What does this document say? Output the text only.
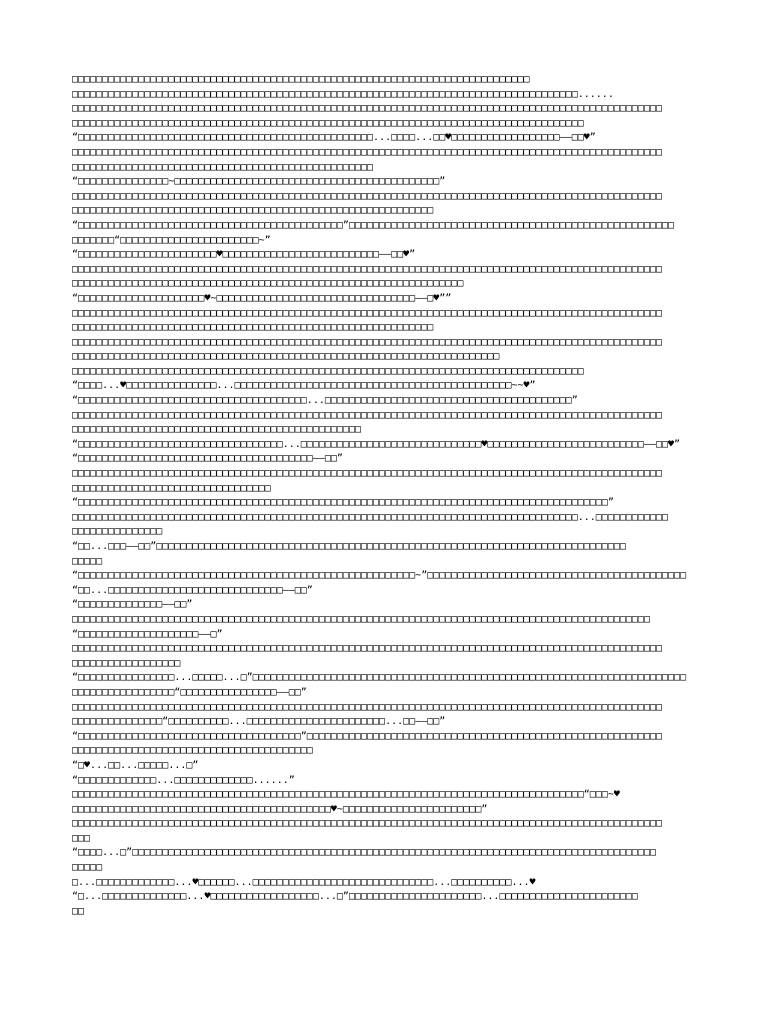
□□□□□□□□□□□□□□□□□□□□□□□□□□□□□□□□□□□□□□□□□□□□□□□□□□□□□□□□□□□□□□□□□□□□□□□□□□□□
□□□□□□□□□□□□□□□□□□□□□□□□□□□□□□□□□□□□□□□□□□□□□□□□□□□□□□□□□□□□□□□□□□□□□□□□□□□□□□□□□□□□......
□□□□□□□□□□□□□□□□□□□□□□□□□□□□□□□□□□□□□□□□□□□□□□□□□□□□□□□□□□□□□□□□□□□□□□□□□□□□□□□□□□□□□□□□□□□□□□□□□□
□□□□□□□□□□□□□□□□□□□□□□□□□□□□□□□□□□□□□□□□□□□□□□□□□□□□□□□□□□□□□□□□□□□□□□□□□□□□□□□□□□□□□
“□□□□□□□□□□□□□□□□□□□□□□□□□□□□□□□□□□□□□□□□□□□□□□□□□...□□□□...□□♥□□□□□□□□□□□□□□□□□□——□□♥”
□□□□□□□□□□□□□□□□□□□□□□□□□□□□□□□□□□□□□□□□□□□□□□□□□□□□□□□□□□□□□□□□□□□□□□□□□□□□□□□□□□□□□□□□□□□□□□□□□□
□□□□□□□□□□□□□□□□□□□□□□□□□□□□□□□□□□□□□□□□□□□□□□□□□□
“□□□□□□□□□□□□□□□~□□□□□□□□□□□□□□□□□□□□□□□□□□□□□□□□□□□□□□□□□□□□”
□□□□□□□□□□□□□□□□□□□□□□□□□□□□□□□□□□□□□□□□□□□□□□□□□□□□□□□□□□□□□□□□□□□□□□□□□□□□□□□□□□□□□□□□□□□□□□□□□□
□□□□□□□□□□□□□□□□□□□□□□□□□□□□□□□□□□□□□□□□□□□□□□□□□□□□□□□□□□□□
“□□□□□□□□□□□□□□□□□□□□□□□□□□□□□□□□□□□□□□□□□□□□”□□□□□□□□□□□□□□□□□□□□□□□□□□□□□□□□□□□□□□□□□□□□□□□□□□□□□□
□□□□□□□“□□□□□□□□□□□□□□□□□□□□□□□~”
“□□□□□□□□□□□□□□□□□□□□□□□♥□□□□□□□□□□□□□□□□□□□□□□□□□□——□□♥”
□□□□□□□□□□□□□□□□□□□□□□□□□□□□□□□□□□□□□□□□□□□□□□□□□□□□□□□□□□□□□□□□□□□□□□□□□□□□□□□□□□□□□□□□□□□□□□□□□□
□□□□□□□□□□□□□□□□□□□□□□□□□□□□□□□□□□□□□□□□□□□□□□□□□□□□□□□□□□□□□□□□□
“□□□□□□□□□□□□□□□□□□□□□♥~□□□□□□□□□□□□□□□□□□□□□□□□□□□□□□□□□——□♥””
□□□□□□□□□□□□□□□□□□□□□□□□□□□□□□□□□□□□□□□□□□□□□□□□□□□□□□□□□□□□□□□□□□□□□□□□□□□□□□□□□□□□□□□□□□□□□□□□□□
□□□□□□□□□□□□□□□□□□□□□□□□□□□□□□□□□□□□□□□□□□□□□□□□□□□□□□□□□□□□
□□□□□□□□□□□□□□□□□□□□□□□□□□□□□□□□□□□□□□□□□□□□□□□□□□□□□□□□□□□□□□□□□□□□□□□□□□□□□□□□□□□□□□□□□□□□□□□□□□
□□□□□□□□□□□□□□□□□□□□□□□□□□□□□□□□□□□□□□□□□□□□□□□□□□□□□□□□□□□□□□□□□□□□□□□
□□□□□□□□□□□□□□□□□□□□□□□□□□□□□□□□□□□□□□□□□□□□□□□□□□□□□□□□□□□□□□□□□□□□□□□□□□□□□□□□□□□□□
“□□□□...♥□□□□□□□□□□□□□□□...□□□□□□□□□□□□□□□□□□□□□□□□□□□□□□□□□□□□□□□□□□□□□□~~♥”
“□□□□□□□□□□□□□□□□□□□□□□□□□□□□□□□□□□□□□□...□□□□□□□□□□□□□□□□□□□□□□□□□□□□□□□□□□□□□□□□□”
□□□□□□□□□□□□□□□□□□□□□□□□□□□□□□□□□□□□□□□□□□□□□□□□□□□□□□□□□□□□□□□□□□□□□□□□□□□□□□□□□□□□□□□□□□□□□□□□□□
□□□□□□□□□□□□□□□□□□□□□□□□□□□□□□□□□□□□□□□□□□□□□□□□
“□□□□□□□□□□□□□□□□□□□□□□□□□□□□□□□□□□...□□□□□□□□□□□□□□□□□□□□□□□□□□□□□□♥□□□□□□□□□□□□□□□□□□□□□□□□□□——□□♥”
“□□□□□□□□□□□□□□□□□□□□□□□□□□□□□□□□□□□□□□□——□□”
□□□□□□□□□□□□□□□□□□□□□□□□□□□□□□□□□□□□□□□□□□□□□□□□□□□□□□□□□□□□□□□□□□□□□□□□□□□□□□□□□□□□□□□□□□□□□□□□□□
□□□□□□□□□□□□□□□□□□□□□□□□□□□□□□□□□
“□□□□□□□□□□□□□□□□□□□□□□□□□□□□□□□□□□□□□□□□□□□□□□□□□□□□□□□□□□□□□□□□□□□□□□□□□□□□□□□□□□□□□□□□”
□□□□□□□□□□□□□□□□□□□□□□□□□□□□□□□□□□□□□□□□□□□□□□□□□□□□□□□□□□□□□□□□□□□□□□□□□□□□□□□□□□□□...□□□□□□□□□□□□
□□□□□□□□□□□□□□□
“□□...□□□——□□”□□□□□□□□□□□□□□□□□□□□□□□□□□□□□□□□□□□□□□□□□□□□□□□□□□□□□□□□□□□□□□□□□□□□□□□□□□□□□□
□□□□□
“□□□□□□□□□□□□□□□□□□□□□□□□□□□□□□□□□□□□□□□□□□□□□□□□□□□□□□□□~”□□□□□□□□□□□□□□□□□□□□□□□□□□□□□□□□□□□□□□□□□□□
“□□...□□□□□□□□□□□□□□□□□□□□□□□□□□□□□——□□”
“□□□□□□□□□□□□□□——□□”
□□□□□□□□□□□□□□□□□□□□□□□□□□□□□□□□□□□□□□□□□□□□□□□□□□□□□□□□□□□□□□□□□□□□□□□□□□□□□□□□□□□□□□□□□□□□□□□□
“□□□□□□□□□□□□□□□□□□□□——□”
□□□□□□□□□□□□□□□□□□□□□□□□□□□□□□□□□□□□□□□□□□□□□□□□□□□□□□□□□□□□□□□□□□□□□□□□□□□□□□□□□□□□□□□□□□□□□□□□□□
□□□□□□□□□□□□□□□□□□
“□□□□□□□□□□□□□□□□...□□□□□...□”□□□□□□□□□□□□□□□□□□□□□□□□□□□□□□□□□□□□□□□□□□□□□□□□□□□□□□□□□□□□□□□□□□□□□□□□
□□□□□□□□□□□□□□□□□“□□□□□□□□□□□□□□□□——□□”
□□□□□□□□□□□□□□□□□□□□□□□□□□□□□□□□□□□□□□□□□□□□□□□□□□□□□□□□□□□□□□□□□□□□□□□□□□□□□□□□□□□□□□□□□□□□□□□□□□
□□□□□□□□□□□□□□□“□□□□□□□□□□...□□□□□□□□□□□□□□□□□□□□□□□...□□——□□”
“□□□□□□□□□□□□□□□□□□□□□□□□□□□□□□□□□□□□□”□□□□□□□□□□□□□□□□□□□□□□□□□□□□□□□□□□□□□□□□□□□□□□□□□□□□□□□□□□□
□□□□□□□□□□□□□□□□□□□□□□□□□□□□□□□□□□□□□□□□
“□♥...□□...□□□□□...□”
“□□□□□□□□□□□□□...□□□□□□□□□□□□□......”
□□□□□□□□□□□□□□□□□□□□□□□□□□□□□□□□□□□□□□□□□□□□□□□□□□□□□□□□□□□□□□□□□□□□□□□□□□□□□□□□□□□□□“□□□~♥
□□□□□□□□□□□□□□□□□□□□□□□□□□□□□□□□□□□□□□□□□□□♥~□□□□□□□□□□□□□□□□□□□□□□□”
□□□□□□□□□□□□□□□□□□□□□□□□□□□□□□□□□□□□□□□□□□□□□□□□□□□□□□□□□□□□□□□□□□□□□□□□□□□□□□□□□□□□□□□□□□□□□□□□□□
□□□
“□□□□...□”□□□□□□□□□□□□□□□□□□□□□□□□□□□□□□□□□□□□□□□□□□□□□□□□□□□□□□□□□□□□□□□□□□□□□□□□□□□□□□□□□□□□□□□
□□□□□
□...□□□□□□□□□□□□□...♥□□□□□□...□□□□□□□□□□□□□□□□□□□□□□□□□□□□□□...□□□□□□□□□□...♥
“□...□□□□□□□□□□□□□□...♥□□□□□□□□□□□□□□□□□□...□”□□□□□□□□□□□□□□□□□□□□□□...□□□□□□□□□□□□□□□□□□□□□□□
□□
